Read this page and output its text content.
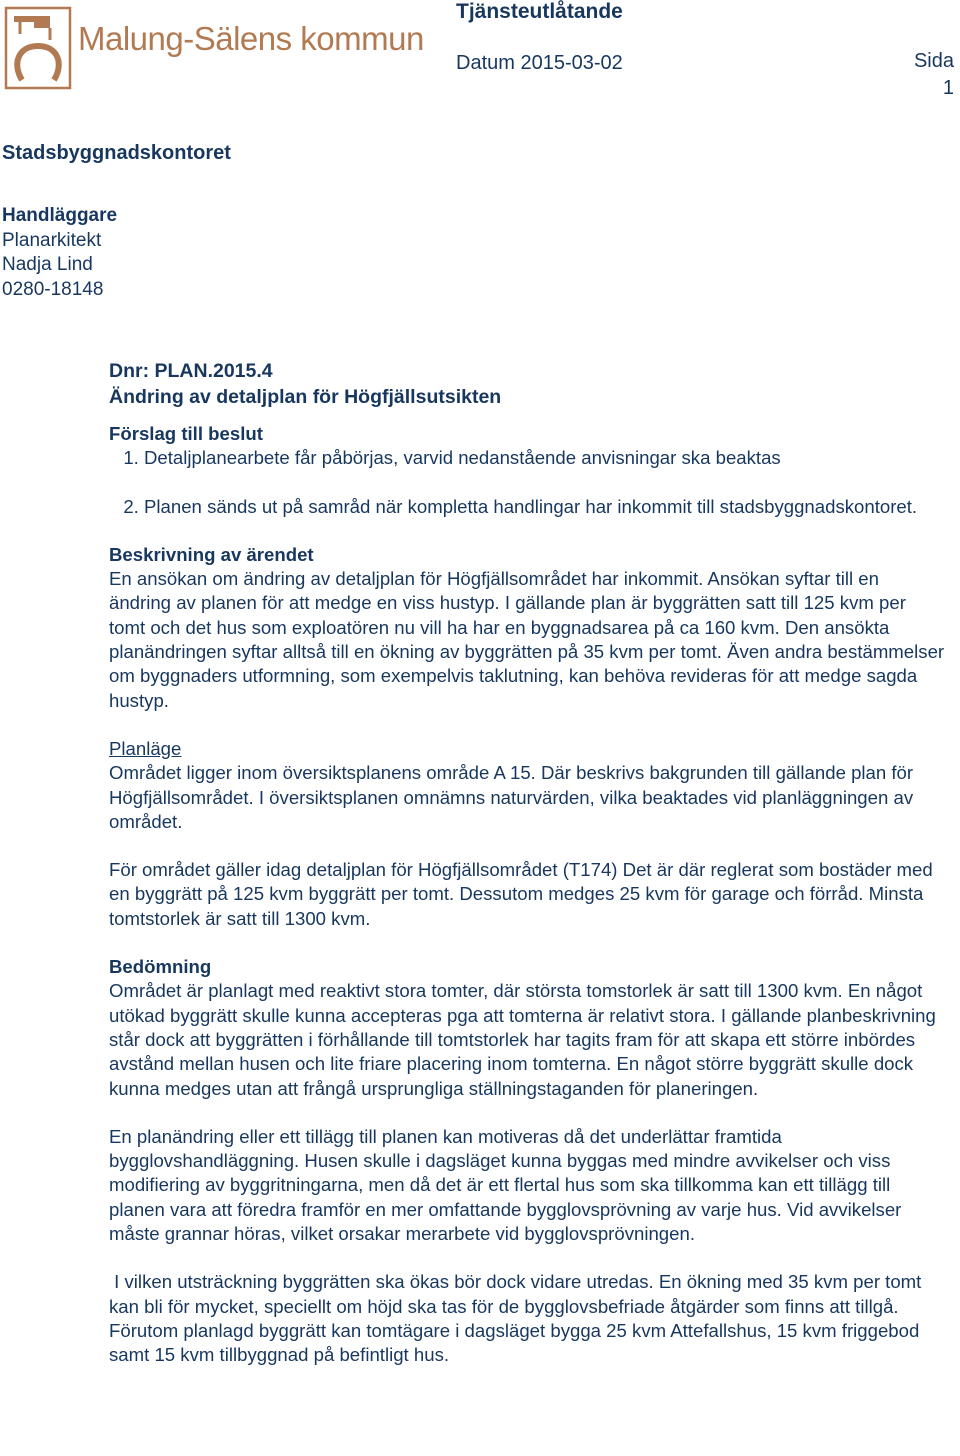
Malung-Sälens kommun
Tjänsteutlåtande
Datum 2015-03-02	Sida
1
Stadsbyggnadskontoret
Handläggare
Planarkitekt
Nadja Lind
0280-18148
Dnr: PLAN.2015.4
Ändring av detaljplan för Högfjällsutsikten
Förslag till beslut
1. Detaljplanearbete får påbörjas, varvid nedanstående anvisningar ska beaktas
2. Planen sänds ut på samråd när kompletta handlingar har inkommit till stadsbyggnadskontoret.
Beskrivning av ärendet

En ansökan om ändring av detaljplan för Högfjällsområdet har inkommit. Ansökan syftar till en ändring av planen för att medge en viss hustyp. I gällande plan är byggrätten satt till 125 kvm per tomt och det hus som exploatören nu vill ha har en byggnadsarea på ca 160 kvm. Den ansökta planändringen syftar alltså till en ökning av byggrätten på 35 kvm per tomt. Även andra bestämmelser om byggnaders utformning, som exempelvis taklutning, kan behöva revideras för att medge sagda hustyp.

Planläge

Området ligger inom översiktsplanens område A 15. Där beskrivs bakgrunden till gällande plan för Högfjällsområdet. I översiktsplanen omnämns naturvärden, vilka beaktades vid planläggningen av området.

För området gäller idag detaljplan för Högfjällsområdet (T174) Det är där reglerat som bostäder med en byggrätt på 125 kvm byggrätt per tomt. Dessutom medges 25 kvm för garage och förråd. Minsta tomtstorlek är satt till 1300 kvm.

Bedömning

Området är planlagt med reaktivt stora tomter, där största tomstorlek är satt till 1300 kvm. En något utökad byggrätt skulle kunna accepteras pga att tomterna är relativt stora. I gällande planbeskrivning står dock att byggrätten i förhållande till tomtstorlek har tagits fram för att skapa ett större inbördes avstånd mellan husen och lite friare placering inom tomterna. En något större byggrätt skulle dock kunna medges utan att frångå ursprungliga ställningstaganden för planeringen.

En planändring eller ett tillägg till planen kan motiveras då det underlättar framtida bygglovshandläggning. Husen skulle i dagsläget kunna byggas med mindre avvikelser och viss modifiering av byggritningarna, men då det är ett flertal hus som ska tillkomma kan ett tillägg till planen vara att föredra framför en mer omfattande bygglovsprövning av varje hus. Vid avvikelser måste grannar höras, vilket orsakar merarbete vid bygglovsprövningen.

I vilken utsträckning byggrätten ska ökas bör dock vidare utredas. En ökning med 35 kvm per tomt kan bli för mycket, speciellt om höjd ska tas för de bygglovsbefriade åtgärder som finns att tillgå. Förutom planlagd byggrätt kan tomtägare i dagsläget bygga 25 kvm Attefallshus, 15 kvm friggebod samt 15 kvm tillbyggnad på befintligt hus.
